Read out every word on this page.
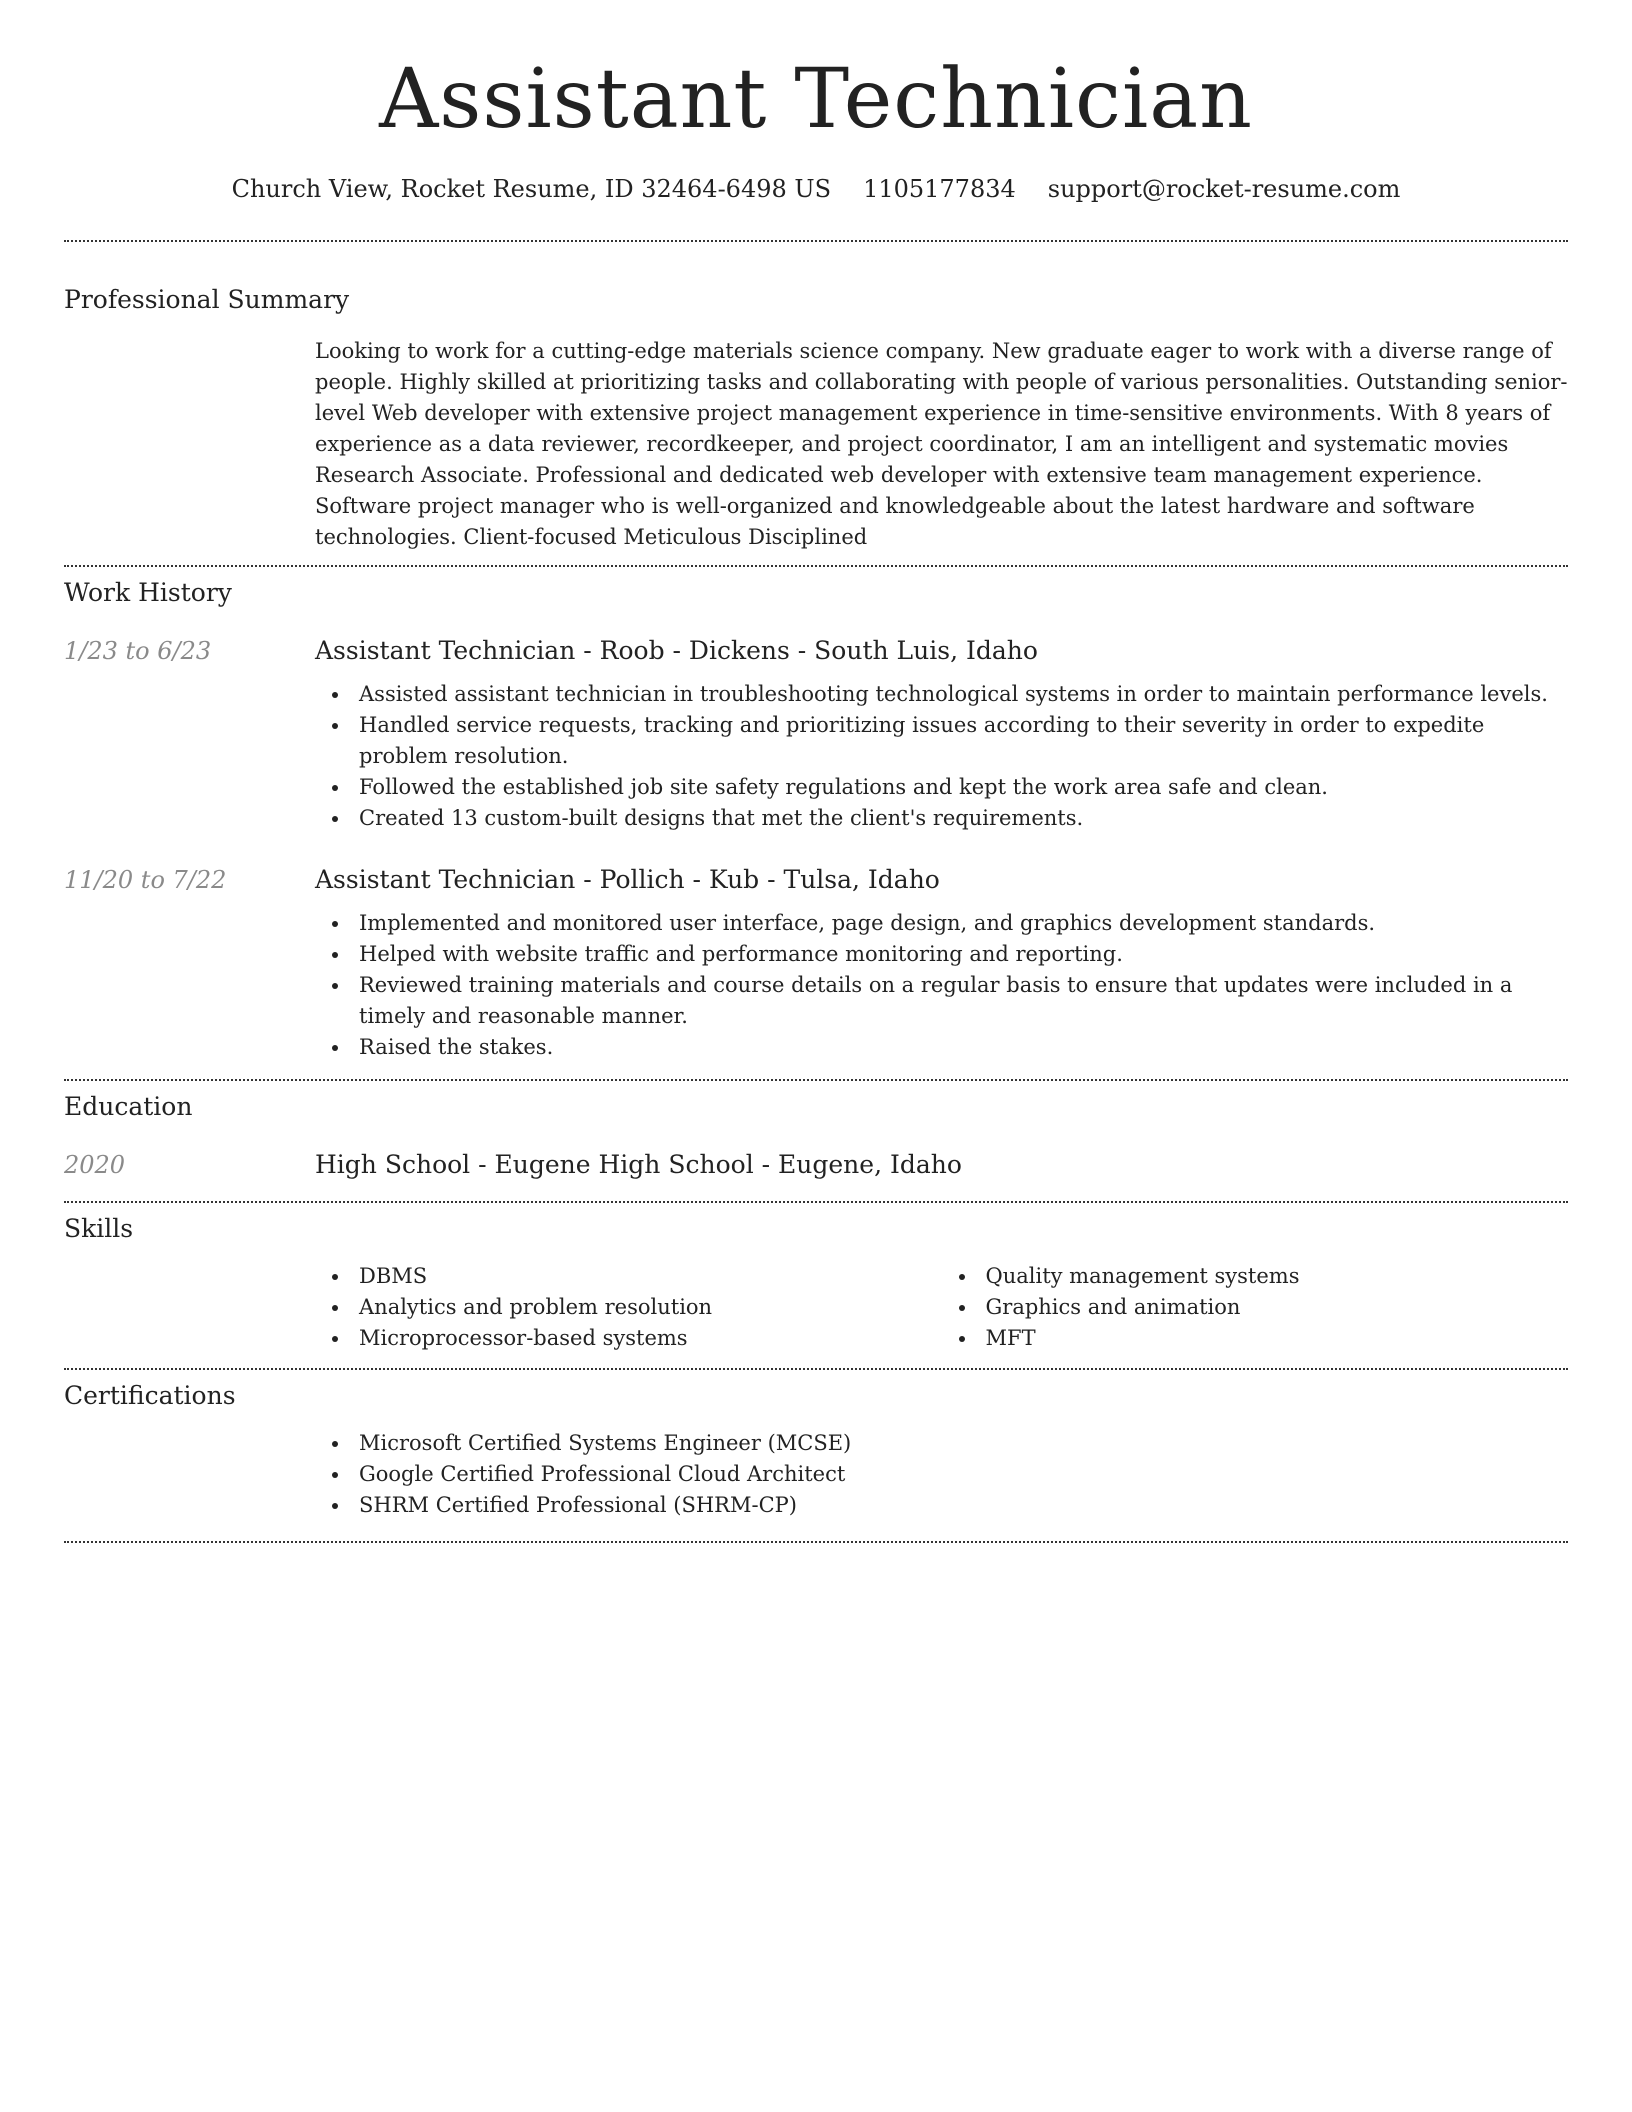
Assistant Technician
Church View, Rocket Resume, ID 32464-6498 US 1105177834 support@rocket-resume.com
Professional Summary
Looking to work for a cutting-edge materials science company. New graduate eager to work with a diverse range of people. Highly skilled at prioritizing tasks and collaborating with people of various personalities. Outstanding senior-level Web developer with extensive project management experience in time-sensitive environments. With 8 years of experience as a data reviewer, recordkeeper, and project coordinator, I am an intelligent and systematic movies Research Associate. Professional and dedicated web developer with extensive team management experience. Software project manager who is well-organized and knowledgeable about the latest hardware and software technologies. Client-focused Meticulous Disciplined
Work History
1/23 to 6/23	Assistant Technician - Roob - Dickens - South Luis, Idaho
Assisted assistant technician in troubleshooting technological systems in order to maintain performance levels.
Handled service requests, tracking and prioritizing issues according to their severity in order to expedite problem resolution.
Followed the established job site safety regulations and kept the work area safe and clean.
Created 13 custom-built designs that met the client's requirements.
11/20 to 7/22	Assistant Technician - Pollich - Kub - Tulsa, Idaho
Implemented and monitored user interface, page design, and graphics development standards.
Helped with website traffic and performance monitoring and reporting.
Reviewed training materials and course details on a regular basis to ensure that updates were included in a timely and reasonable manner.
Raised the stakes.
Education
2020	High School - Eugene High School - Eugene, Idaho
Skills
DBMS
Analytics and problem resolution
Microprocessor-based systems
Quality management systems
Graphics and animation
MFT
Certifications
Microsoft Certified Systems Engineer (MCSE)
Google Certified Professional Cloud Architect
SHRM Certified Professional (SHRM-CP)
